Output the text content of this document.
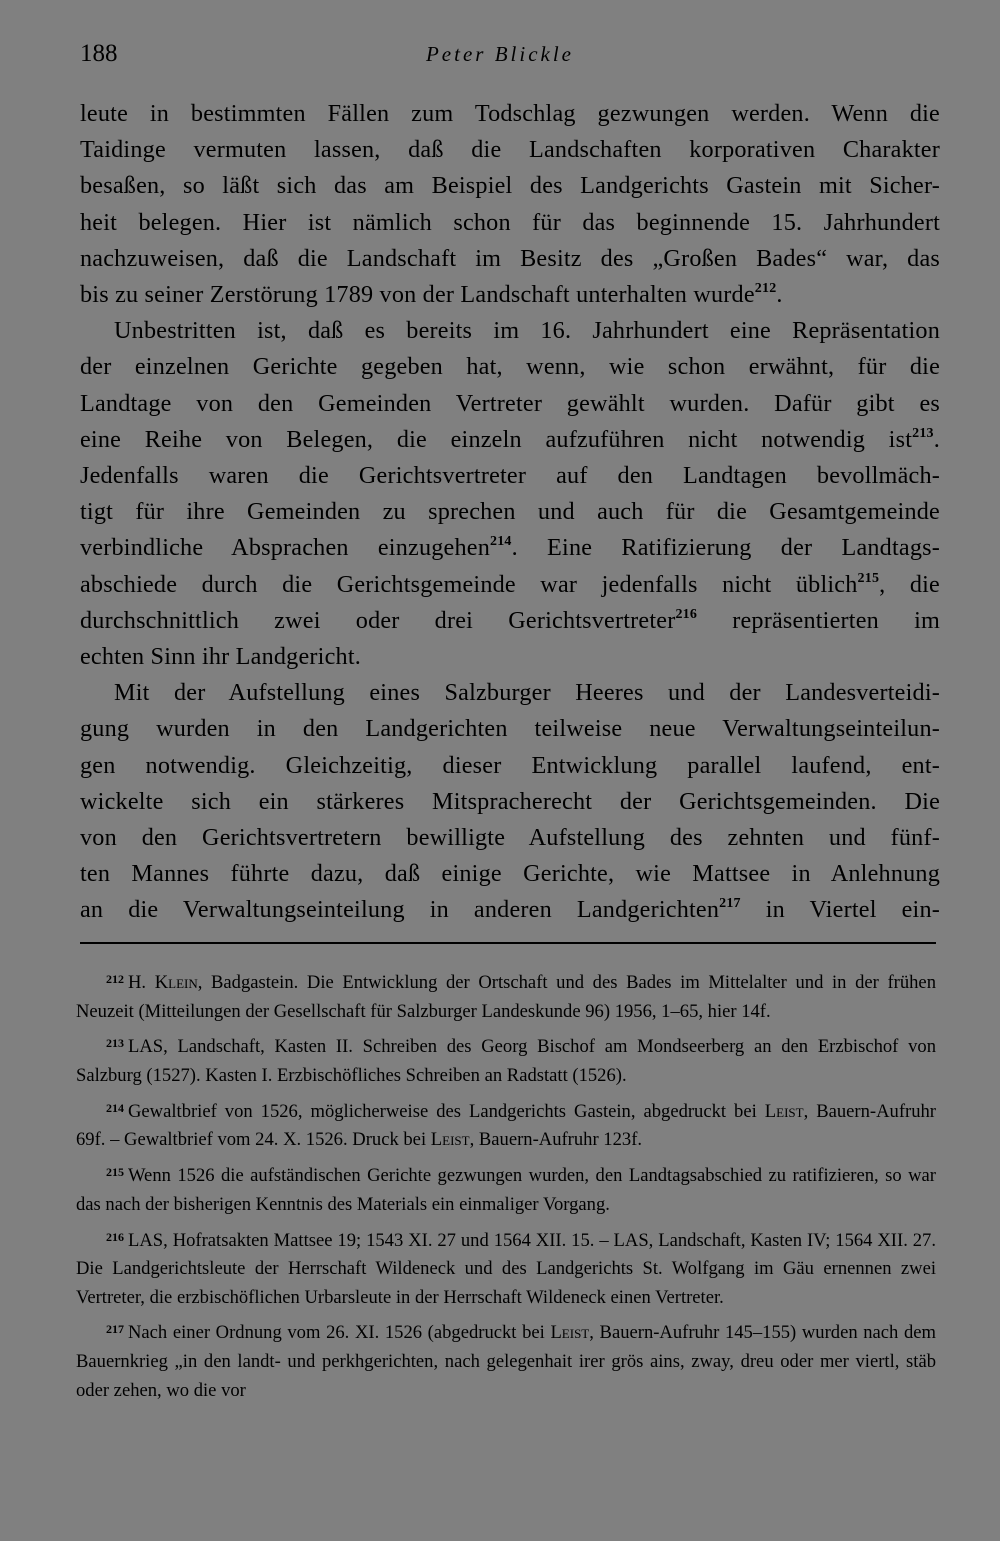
188	Peter Blickle
leute in bestimmten Fällen zum Todschlag gezwungen werden. Wenn die
Taidinge vermuten lassen, daß die Landschaften korporativen Charakter
besaßen, so läßt sich das am Beispiel des Landgerichts Gastein mit Sicher-
heit belegen. Hier ist nämlich schon für das beginnende 15. Jahrhundert
nachzuweisen, daß die Landschaft im Besitz des „Großen Bades“ war, das
bis zu seiner Zerstörung 1789 von der Landschaft unterhalten wurde$^{212}$.
Unbestritten ist, daß es bereits im 16. Jahrhundert eine Repräsentation
der einzelnen Gerichte gegeben hat, wenn, wie schon erwähnt, für die
Landtage von den Gemeinden Vertreter gewählt wurden. Dafür gibt es
eine Reihe von Belegen, die einzeln aufzuführen nicht notwendig ist$^{213}$.
Jedenfalls waren die Gerichtsvertreter auf den Landtagen bevollmäch-
tigt für ihre Gemeinden zu sprechen und auch für die Gesamtgemeinde
verbindliche Absprachen einzugehen$^{214}$. Eine Ratifizierung der Landtags-
abschiede durch die Gerichtsgemeinde war jedenfalls nicht üblich$^{215}$, die
durchschnittlich zwei oder drei Gerichtsvertreter$^{216}$ repräsentierten im
echten Sinn ihr Landgericht.
Mit der Aufstellung eines Salzburger Heeres und der Landesverteidi-
gung wurden in den Landgerichten teilweise neue Verwaltungseinteilun-
gen notwendig. Gleichzeitig, dieser Entwicklung parallel laufend, ent-
wickelte sich ein stärkeres Mitspracherecht der Gerichtsgemeinden. Die
von den Gerichtsvertretern bewilligte Aufstellung des zehnten und fünf-
ten Mannes führte dazu, daß einige Gerichte, wie Mattsee in Anlehnung
an die Verwaltungseinteilung in anderen Landgerichten$^{217}$ in Viertel ein-
$^{212}$ H. Klein, Badgastein. Die Entwicklung der Ortschaft und des Bades im Mittelalter und in der frühen Neuzeit (Mitteilungen der Gesellschaft für Salzburger Landeskunde 96) 1956, 1–65, hier 14f.
$^{213}$ LAS, Landschaft, Kasten II. Schreiben des Georg Bischof am Mondseerberg an den Erzbischof von Salzburg (1527). Kasten I. Erzbischöfliches Schreiben an Radstatt (1526).
$^{214}$ Gewaltbrief von 1526, möglicherweise des Landgerichts Gastein, abgedruckt bei Leist, Bauern-Aufruhr 69f. – Gewaltbrief vom 24. X. 1526. Druck bei Leist, Bauern-Aufruhr 123f.
$^{215}$ Wenn 1526 die aufständischen Gerichte gezwungen wurden, den Landtagsabschied zu ratifizieren, so war das nach der bisherigen Kenntnis des Materials ein einmaliger Vorgang.
$^{216}$ LAS, Hofratsakten Mattsee 19; 1543 XI. 27 und 1564 XII. 15. – LAS, Landschaft, Kasten IV; 1564 XII. 27. Die Landgerichtsleute der Herrschaft Wildeneck und des Landgerichts St. Wolfgang im Gäu ernennen zwei Vertreter, die erzbischöflichen Urbarsleute in der Herrschaft Wildeneck einen Vertreter.
$^{217}$ Nach einer Ordnung vom 26. XI. 1526 (abgedruckt bei Leist, Bauern-Aufruhr 145–155) wurden nach dem Bauernkrieg „in den landt- und perkhgerichten, nach gelegenhait irer grös ains, zway, dreu oder mer viertl, stäb oder zehen, wo die vor
